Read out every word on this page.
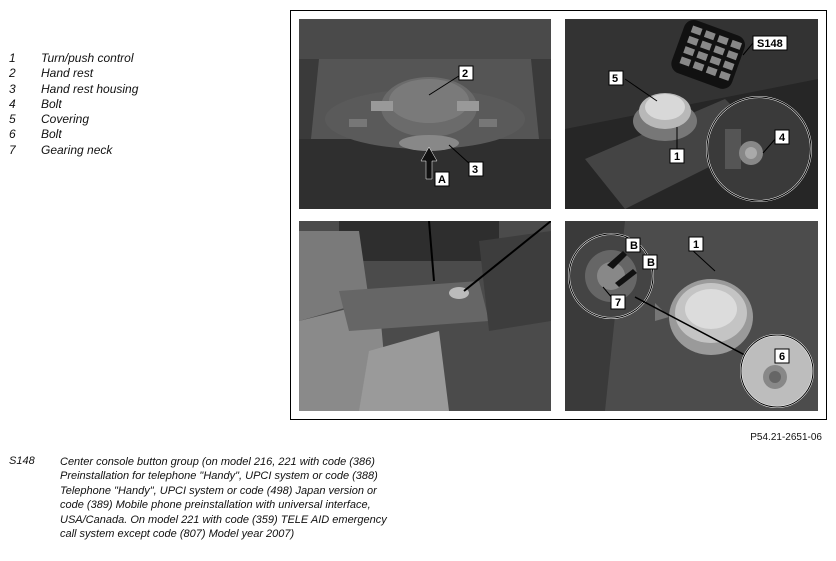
1	Turn/push control
2	Hand rest
3	Hand rest housing
4	Bolt
5	Covering
6	Bolt
7	Gearing neck
2
A
3
5
1
S148
4
1
B
B
7
6
P54.21-2651-06
S148	Center console button group (on model 216, 221 with code (386) Preinstallation for telephone "Handy", UPCI system or code (388) Telephone "Handy", UPCI system or code (498) Japan version or code (389) Mobile phone preinstallation with universal interface, USA/Canada. On model 221 with code (359) TELE AID emergency call system except code (807) Model year 2007)
